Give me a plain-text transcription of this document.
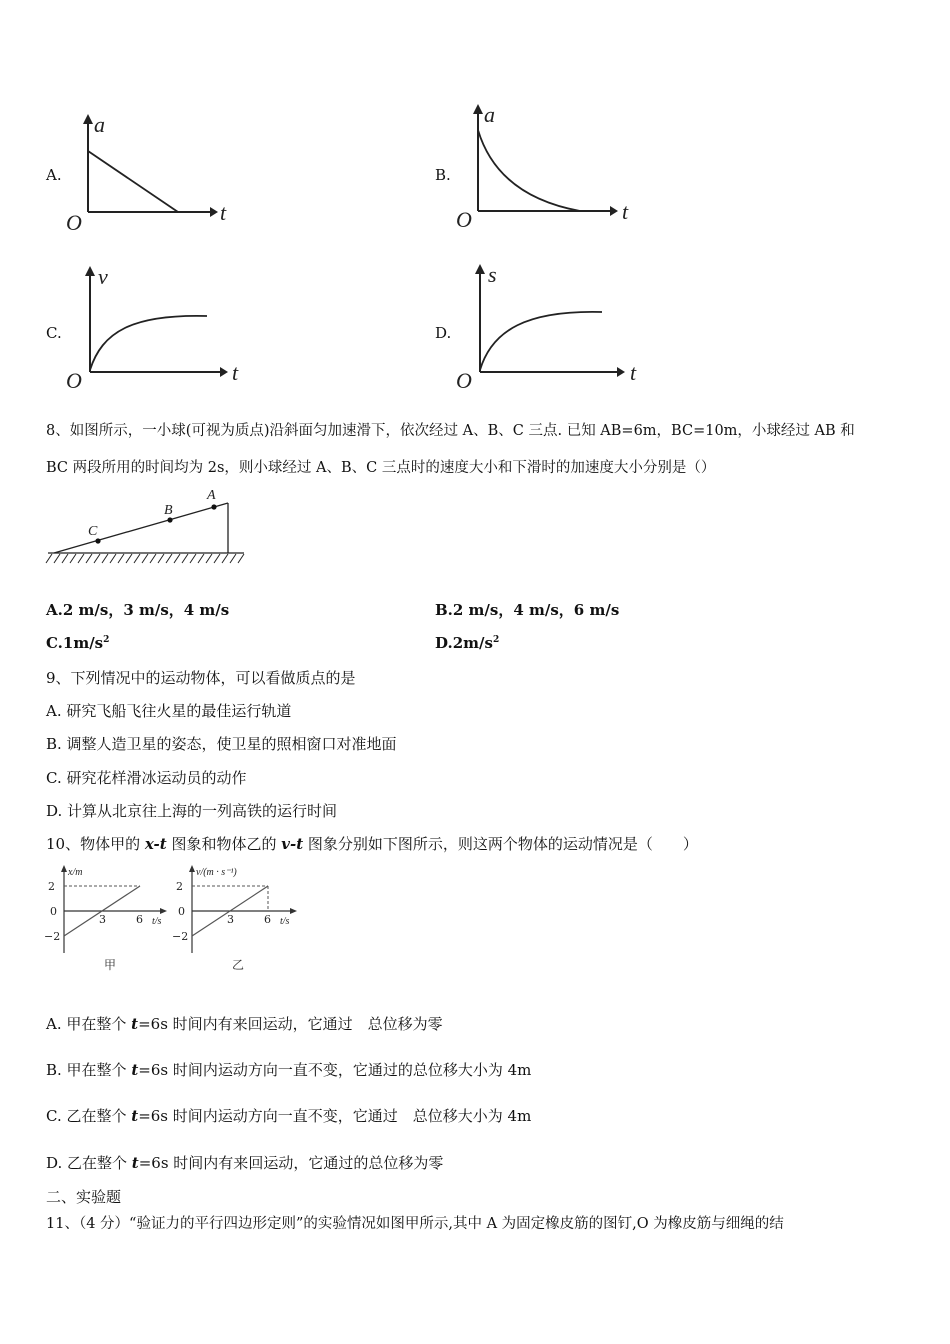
A.
a
t
O
B.
a
t
O
C.
v
t
O
D.
s
t
O
8、如图所示，一小球(可视为质点)沿斜面匀加速滑下，依次经过 A、B、C 三点. 已知 AB=6m，BC=10m，小球经过 AB 和
BC 两段所用的时间均为 2s，则小球经过 A、B、C 三点时的速度大小和下滑时的加速度大小分别是（）
C
B
A
A.2 m/s，3 m/s，4 m/s	B.2 m/s，4 m/s，6 m/s
$C.1m/s^2$	$D.2m/s^2$
9、下列情况中的运动物体，可以看做质点的是
A. 研究飞船飞往火星的最佳运行轨道
B. 调整人造卫星的姿态，使卫星的照相窗口对准地面
C. 研究花样滑冰运动员的动作
D. 计算从北京往上海的一列高铁的运行时间
10、物体甲的 x-t 图象和物体乙的 v-t 图象分别如下图所示，则这两个物体的运动情况是（　　）
x/m
2
0
−2
3	6 t/s
甲
v/(m · s⁻¹)
2
0
−2
3	6 t/s
乙
A. 甲在整个 t=6s 时间内有来回运动，它通过　总位移为零
B. 甲在整个 t=6s 时间内运动方向一直不变，它通过的总位移大小为 4m
C. 乙在整个 t=6s 时间内运动方向一直不变，它通过　总位移大小为 4m
D. 乙在整个 t=6s 时间内有来回运动，它通过的总位移为零
二、实验题
11、（4 分）“验证力的平行四边形定则”的实验情况如图甲所示,其中 A 为固定橡皮筋的图钉,O 为橡皮筋与细绳的结
